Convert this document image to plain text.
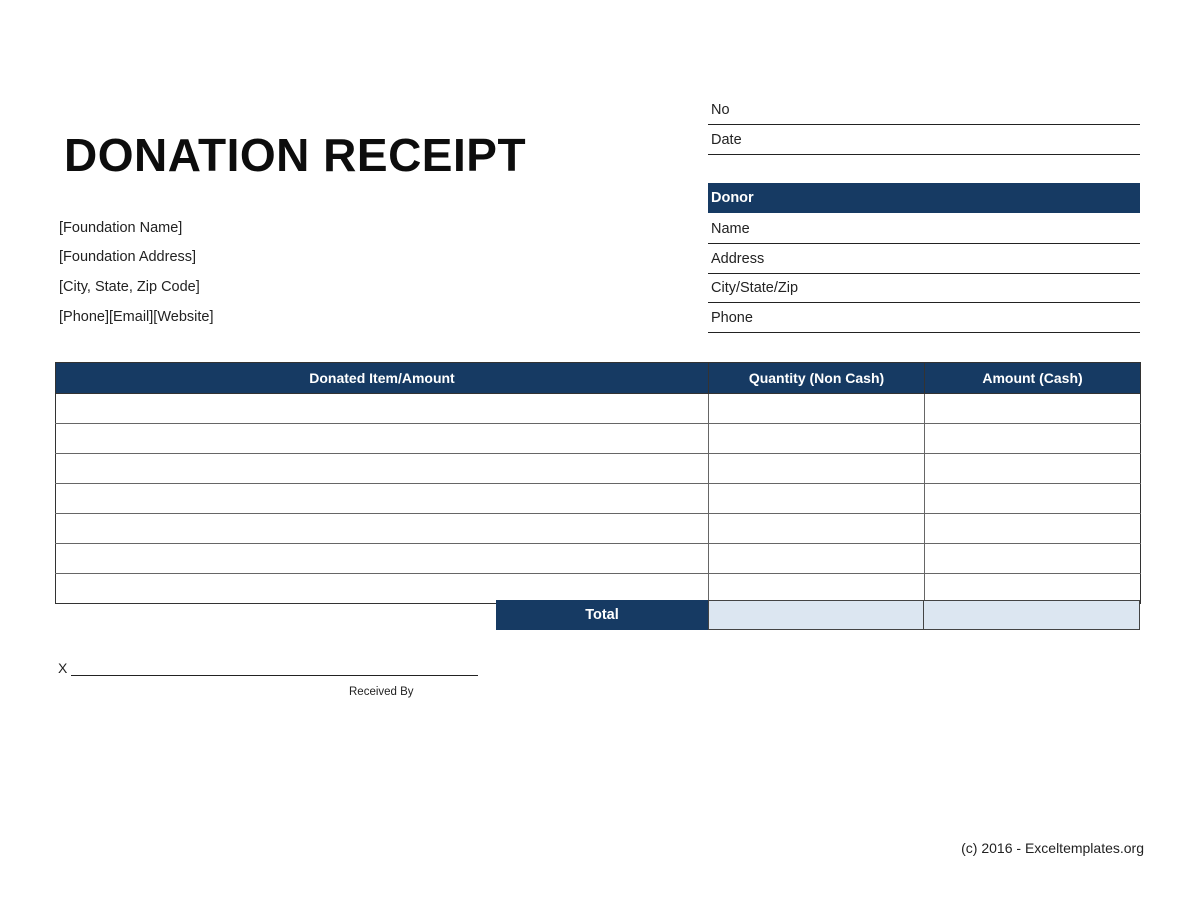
DONATION RECEIPT
[Foundation Name]
[Foundation Address]
[City, State, Zip Code]
[Phone][Email][Website]
No
Date
Donor
Name
Address
City/State/Zip
Phone
Donated Item/Amount	Quantity (Non Cash)	Amount (Cash)

Total
X
Received By
(c) 2016 - Exceltemplates.org
